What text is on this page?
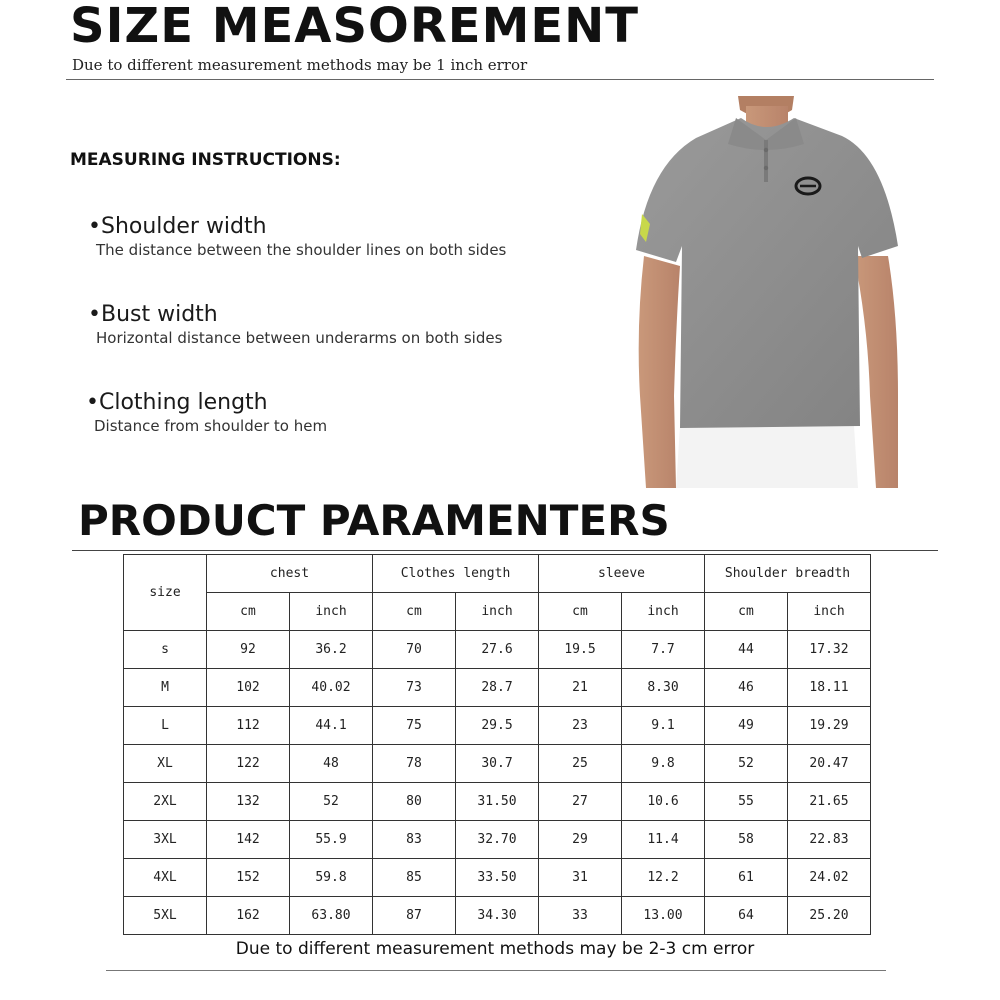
SIZE MEASOREMENT
Due to different measurement methods may be 1 inch error
MEASURING INSTRUCTIONS:
•Shoulder width
The distance between the shoulder lines on both sides
•Bust width
Horizontal distance between underarms on both sides
•Clothing length
Distance from shoulder to hem
PRODUCT PARAMENTERS
size	chest		Clothes length		sleeve		Shoulder breadth	
	cm	inch	cm	inch	cm	inch	cm	inch
s	92	36.2	70	27.6	19.5	7.7	44	17.32
M	102	40.02	73	28.7	21	8.30	46	18.11
L	112	44.1	75	29.5	23	9.1	49	19.29
XL	122	48	78	30.7	25	9.8	52	20.47
2XL	132	52	80	31.50	27	10.6	55	21.65
3XL	142	55.9	83	32.70	29	11.4	58	22.83
4XL	152	59.8	85	33.50	31	12.2	61	24.02
5XL	162	63.80	87	34.30	33	13.00	64	25.20
Due to different measurement methods may be 2-3 cm error
